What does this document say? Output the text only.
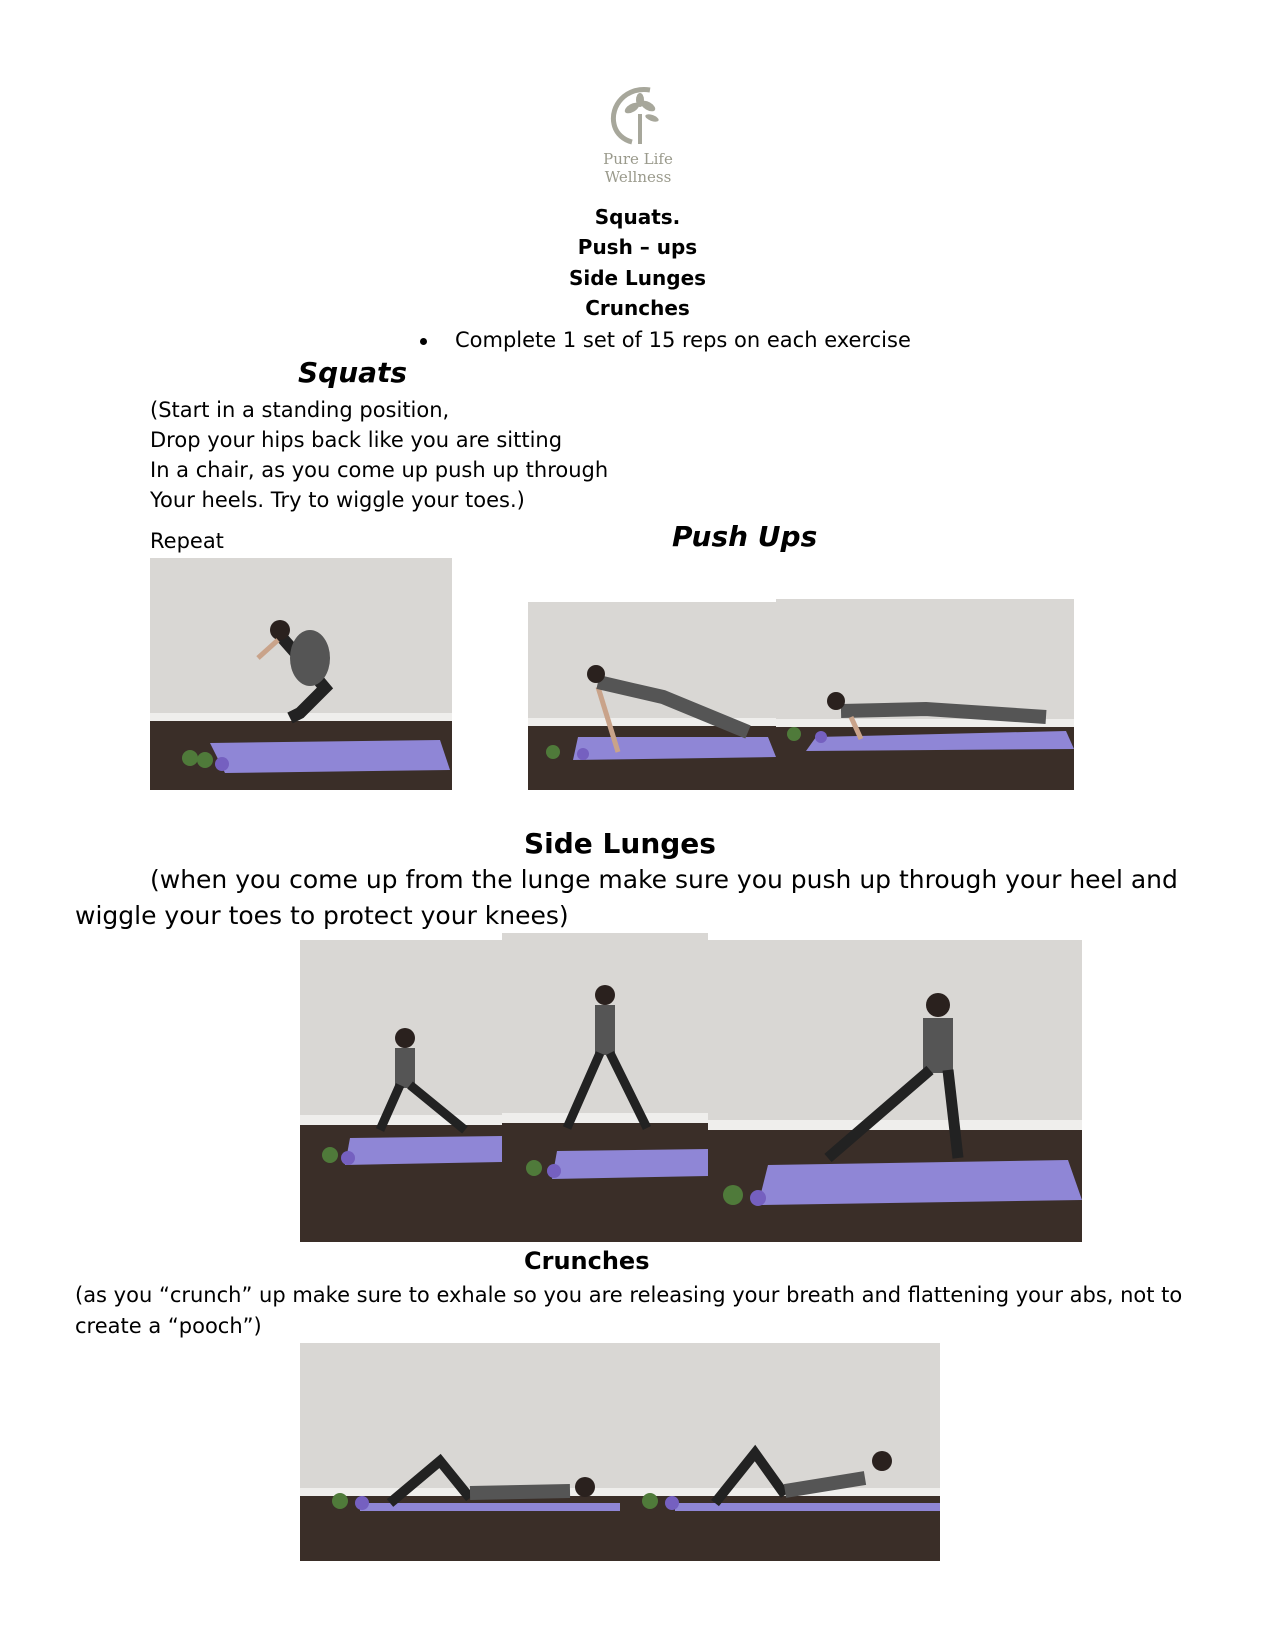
Pure Life
Wellness
Squats.
Push – ups
Side Lunges
Crunches
Complete 1 set of 15 reps on each exercise
Squats
(Start in a standing position,
Drop your hips back like you are sitting
In a chair, as you come up push up through
Your heels. Try to wiggle your toes.)
Repeat	Push Ups
Side Lunges
(when you come up from the lunge make sure you push up through your heel and
wiggle your toes to protect your knees)
Crunches
(as you “crunch” up make sure to exhale so you are releasing your breath and flattening your abs, not to
create a “pooch”)
